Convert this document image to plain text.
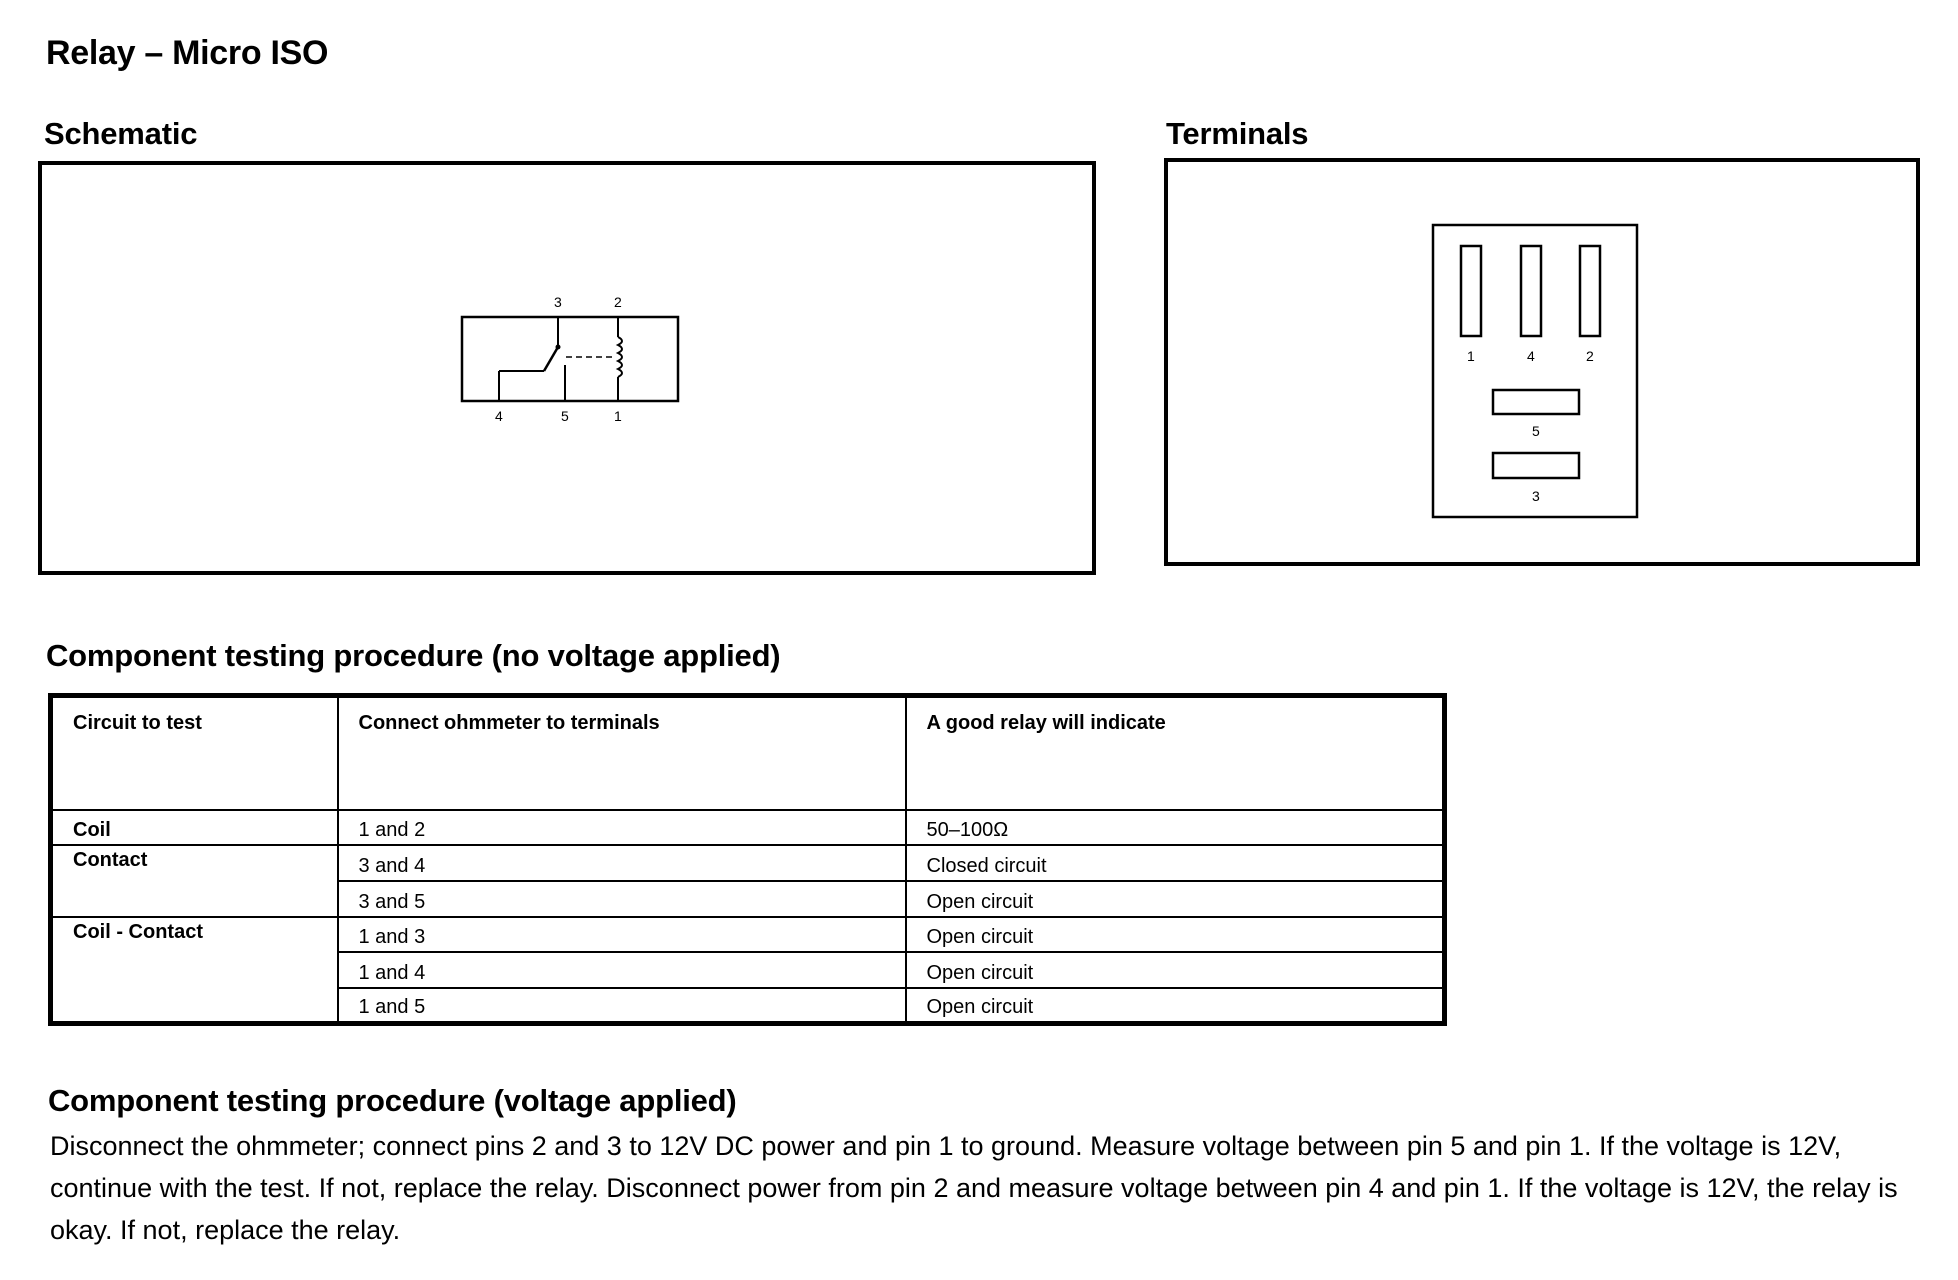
Relay – Micro ISO
Schematic
3	2
4	5	1
Terminals
1	4	2
5
3
Component testing procedure (no voltage applied)
Circuit to test	Connect ohmmeter to terminals	A good relay will indicate
Coil	1 and 2	50–100Ω
Contact	3 and 4	Closed circuit
	3 and 5	Open circuit
Coil - Contact	1 and 3	Open circuit
	1 and 4	Open circuit
	1 and 5	Open circuit
Component testing procedure (voltage applied)

Disconnect the ohmmeter; connect pins 2 and 3 to 12V DC power and pin 1 to ground. Measure voltage between pin 5 and pin 1. If the voltage is 12V, continue with the test. If not, replace the relay. Disconnect power from pin 2 and measure voltage between pin 4 and pin 1. If the voltage is 12V, the relay is okay. If not, replace the relay.
